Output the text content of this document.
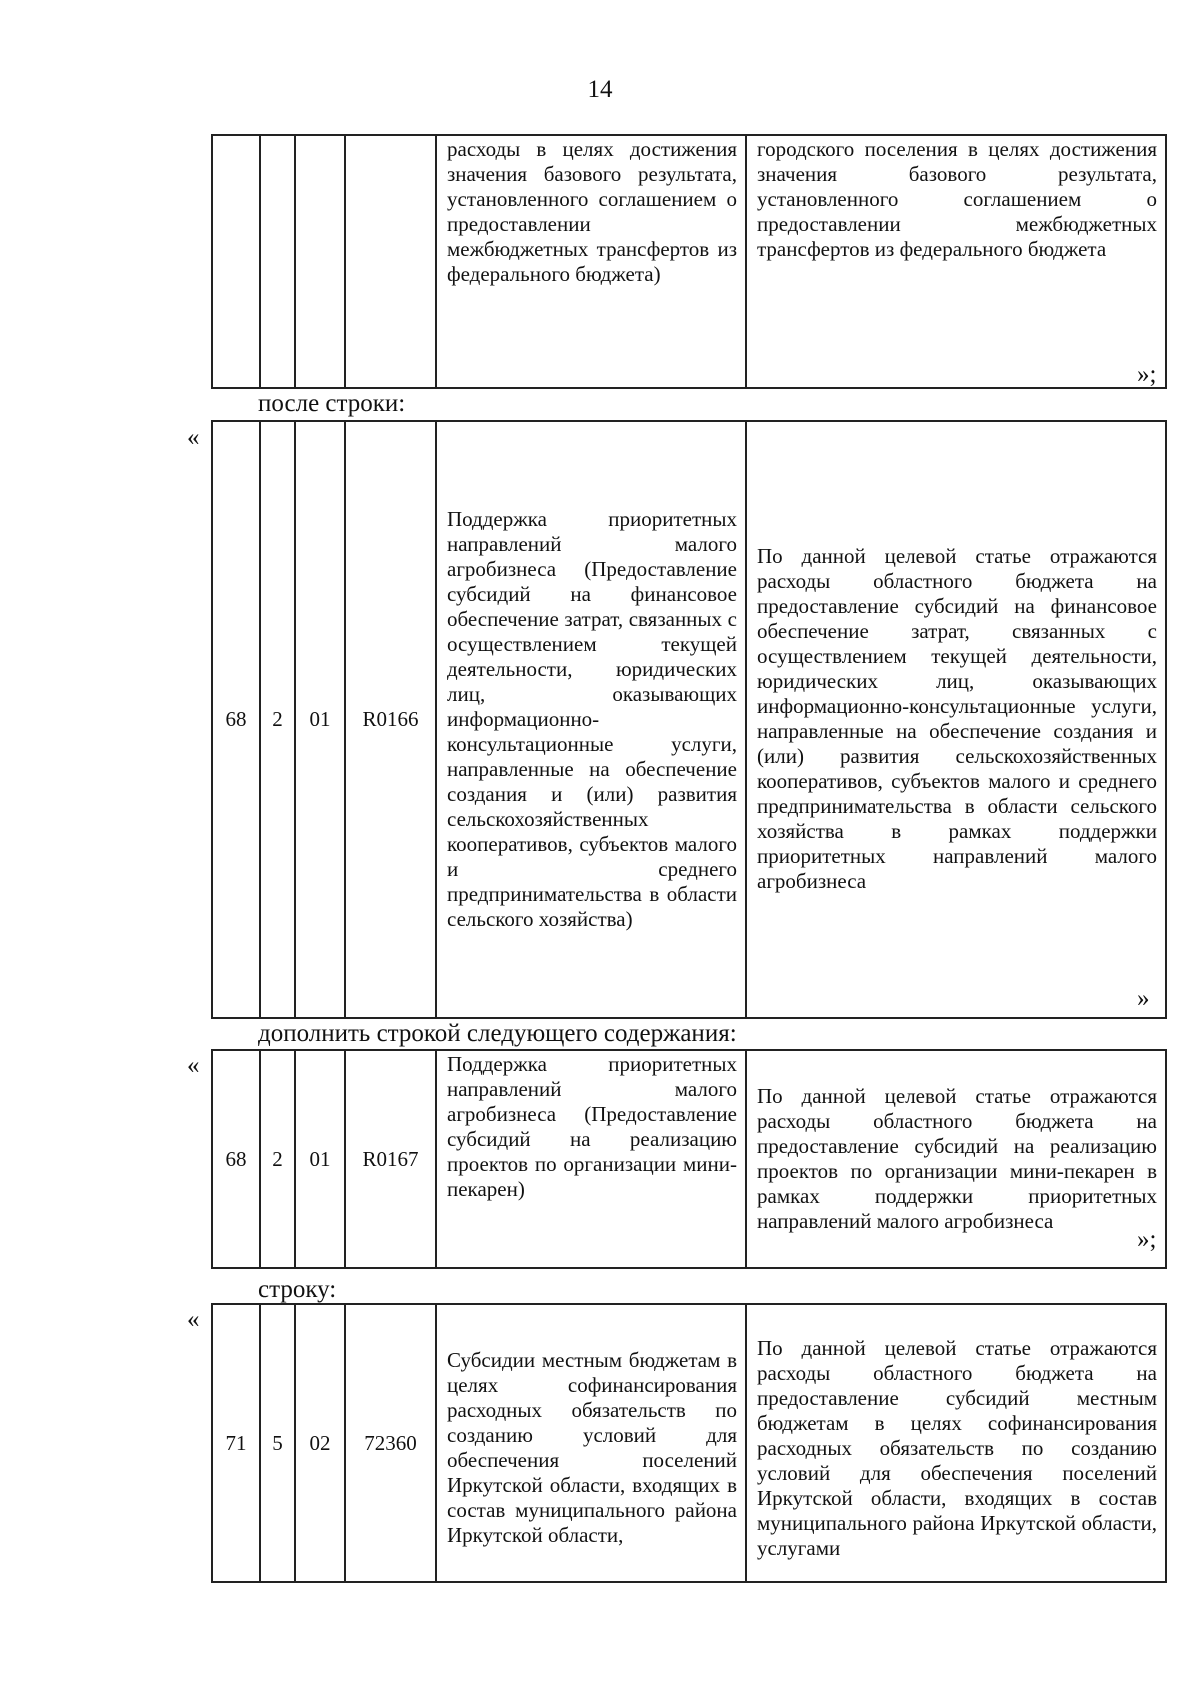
14
				расходы в целях достижения значения базового результата, установленного соглашением о предоставлении межбюджетных трансфертов из федерального бюджета)	городского поселения в целях достижения значения базового результата, установленного соглашением о предоставлении межбюджетных трансфертов из федерального бюджета
»;
после строки:
«
68	2	01	R0166	Поддержка приоритетных направлений малого агробизнеса (Предоставление субсидий на финансовое обеспечение затрат, связанных с осуществлением текущей деятельности, юридических лиц, оказывающих информационно-консультационные услуги, направленные на обеспечение создания и (или) развития сельскохозяйственных кооперативов, субъектов малого и среднего предпринимательства в области сельского хозяйства)	По данной целевой статье отражаются расходы областного бюджета на предоставление субсидий на финансовое обеспечение затрат, связанных с осуществлением текущей деятельности, юридических лиц, оказывающих информационно-консультационные услуги, направленные на обеспечение создания и (или) развития сельскохозяйственных кооперативов, субъектов малого и среднего предпринимательства в области сельского хозяйства в рамках поддержки приоритетных направлений малого агробизнеса
»
дополнить строкой следующего содержания:
«
68	2	01	R0167	Поддержка приоритетных направлений малого агробизнеса (Предоставление субсидий на реализацию проектов по организации мини-пекарен)	По данной целевой статье отражаются расходы областного бюджета на предоставление субсидий на реализацию проектов по организации мини-пекарен в рамках поддержки приоритетных направлений малого агробизнеса
»;
строку:
«
71	5	02	72360	Субсидии местным бюджетам в целях софинансирования расходных обязательств по созданию условий для обеспечения поселений Иркутской области, входящих в состав муниципального района Иркутской области,	По данной целевой статье отражаются расходы областного бюджета на предоставление субсидий местным бюджетам в целях софинансирования расходных обязательств по созданию условий для обеспечения поселений Иркутской области, входящих в состав муниципального района Иркутской области, услугами
